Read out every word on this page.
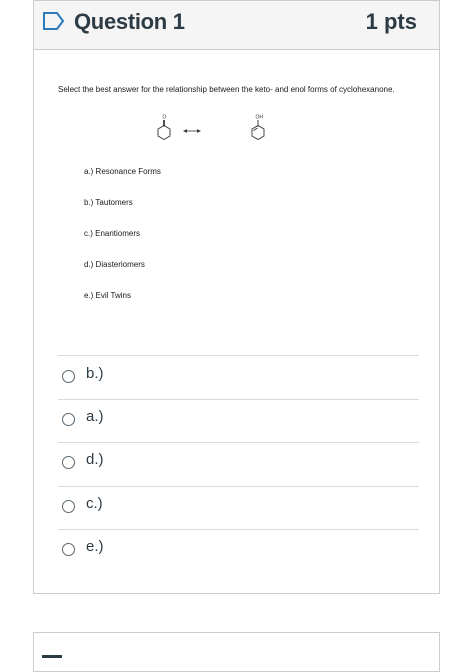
Question 1	1 pts
Select the best answer for the relationship between the keto- and enol forms of cyclohexanone.
O	OH
a.) Resonance Forms
b.) Tautomers
c.) Enantiomers
d.) Diasteriomers
e.) Evil Twins
b.)
a.)
d.)
c.)
e.)
